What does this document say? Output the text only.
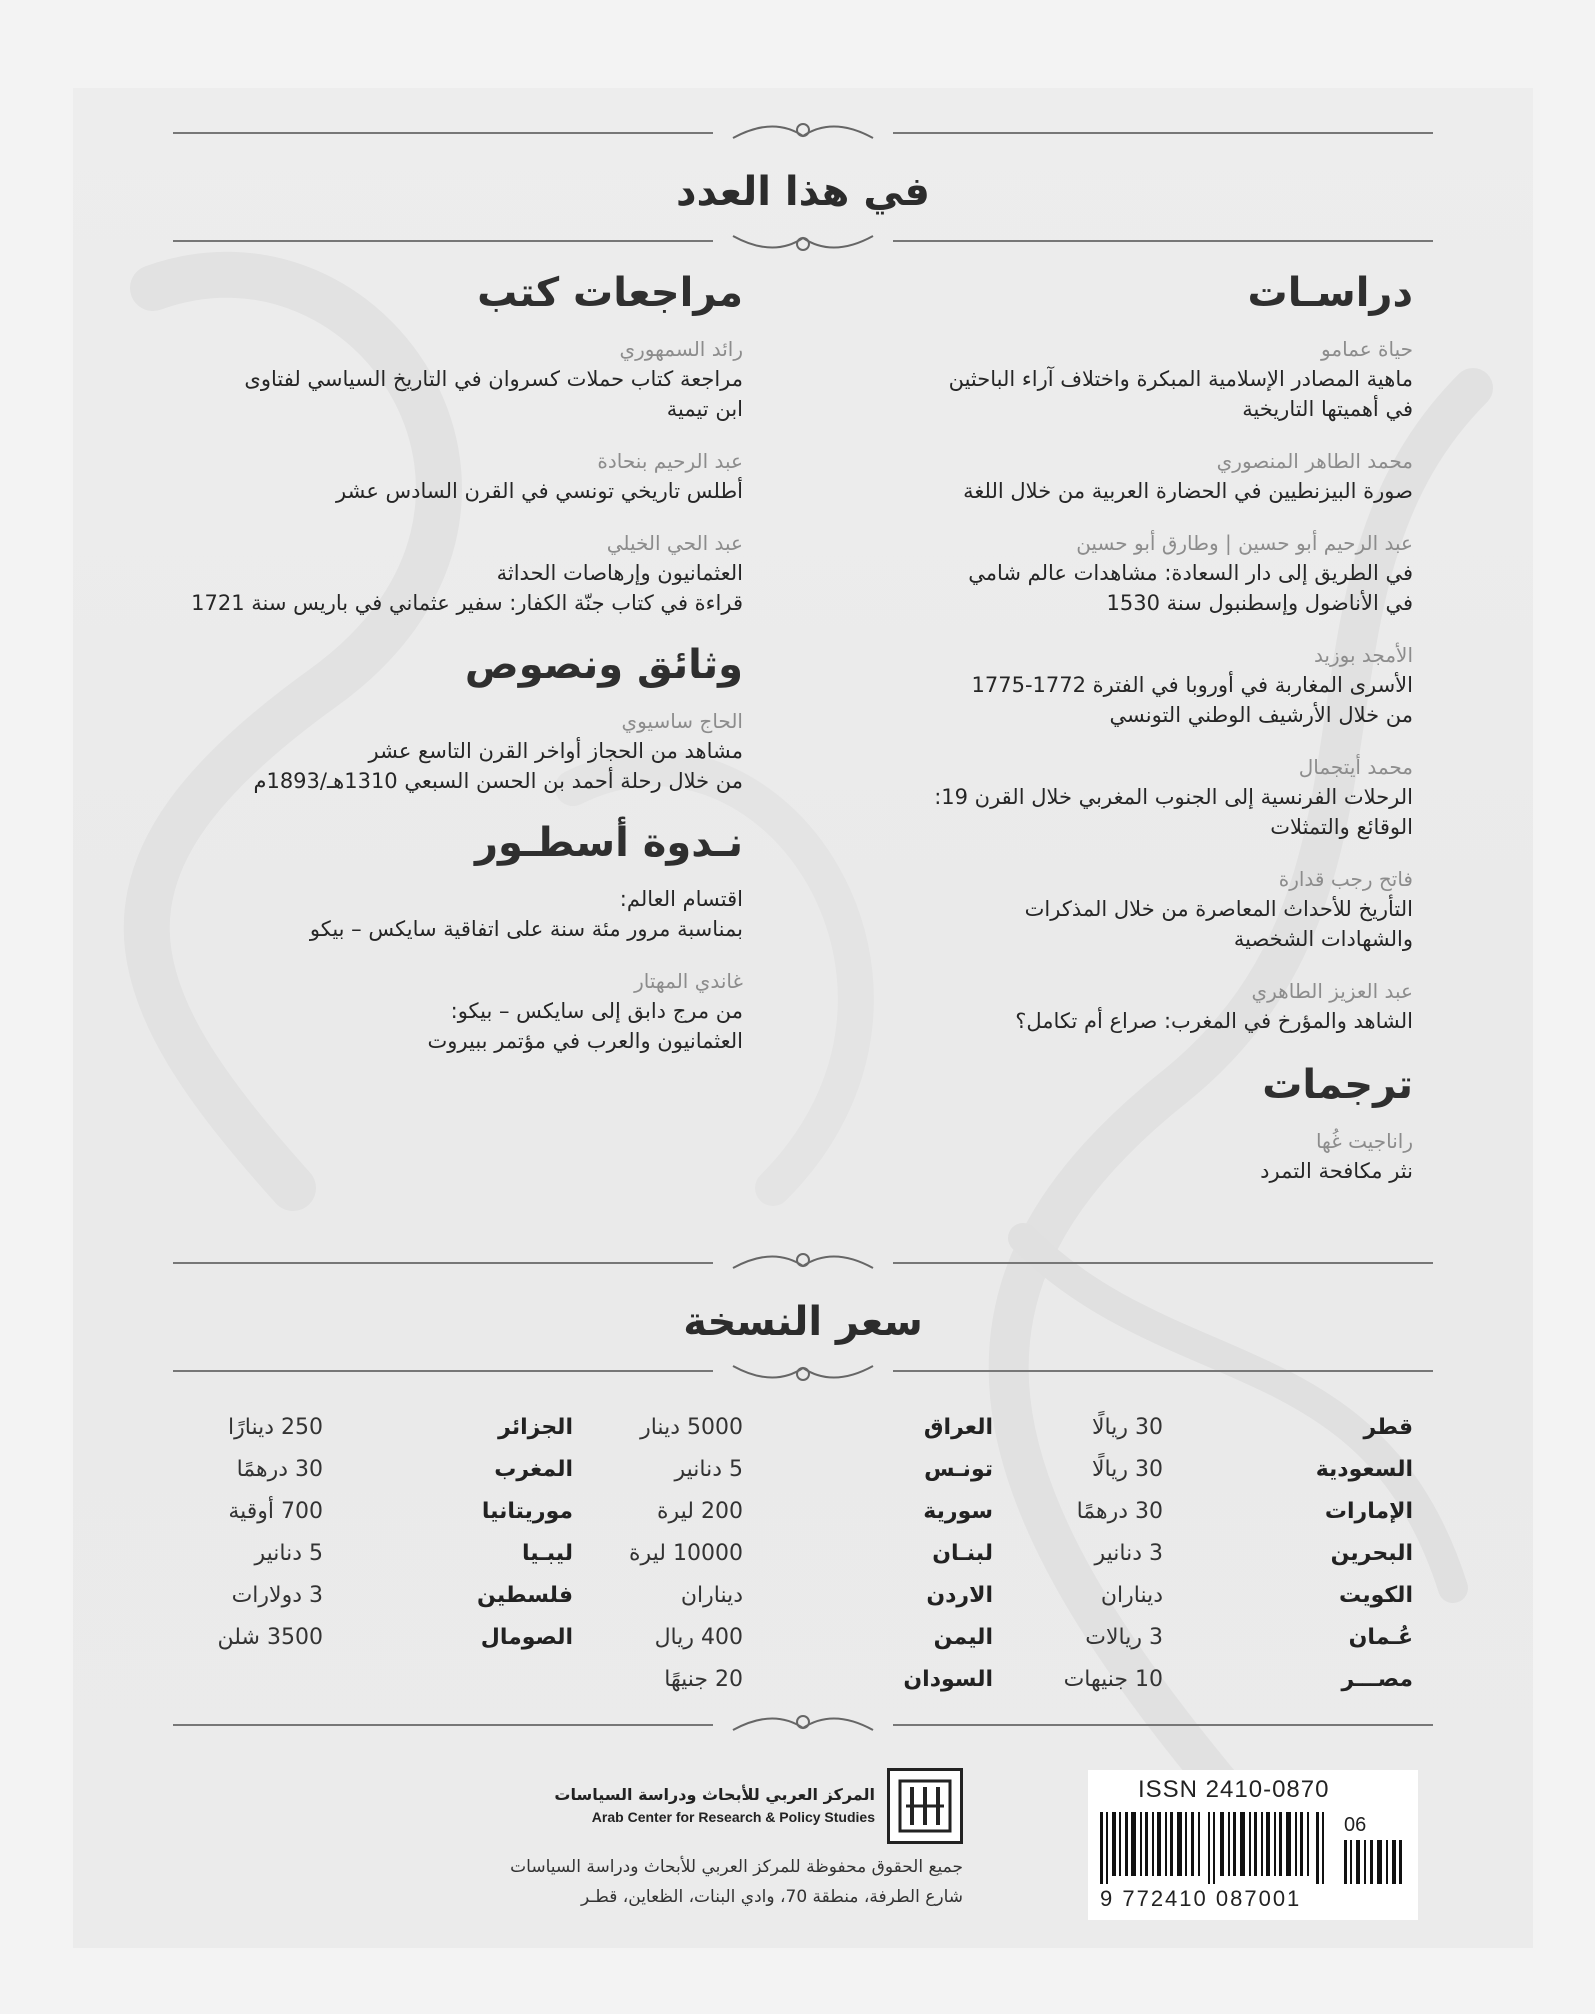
في هذا العدد
دراسـات
حياة عمامو
ماهية المصادر الإسلامية المبكرة واختلاف آراء الباحثين
في أهميتها التاريخية
محمد الطاهر المنصوري
صورة البيزنطيين في الحضارة العربية من خلال اللغة
عبد الرحيم أبو حسين | وطارق أبو حسين
في الطريق إلى دار السعادة: مشاهدات عالم شامي
في الأناضول وإسطنبول سنة 1530
الأمجد بوزيد
الأسرى المغاربة في أوروبا في الفترة 1772-1775
من خلال الأرشيف الوطني التونسي
محمد أيتجمال
الرحلات الفرنسية إلى الجنوب المغربي خلال القرن 19:
الوقائع والتمثلات
فاتح رجب قدارة
التأريخ للأحداث المعاصرة من خلال المذكرات
والشهادات الشخصية
عبد العزيز الطاهري
الشاهد والمؤرخ في المغرب: صراع أم تكامل؟
ترجمات
راناجيت غُها
نثر مكافحة التمرد
مراجعات كتب
رائد السمهوري
مراجعة كتاب حملات كسروان في التاريخ السياسي لفتاوى
ابن تيمية
عبد الرحيم بنحادة
أطلس تاريخي تونسي في القرن السادس عشر
عبد الحي الخيلي
العثمانيون وإرهاصات الحداثة
قراءة في كتاب جنّة الكفار: سفير عثماني في باريس سنة 1721
وثائق ونصوص
الحاج ساسيوي
مشاهد من الحجاز أواخر القرن التاسع عشر
من خلال رحلة أحمد بن الحسن السبعي 1310هـ/1893م
نـدوة أسطـور
اقتسام العالم:
بمناسبة مرور مئة سنة على اتفاقية سايكس – بيكو
غاندي المهتار
من مرج دابق إلى سايكس – بيكو:
العثمانيون والعرب في مؤتمر ببيروت
سعر النسخة
قطر
30 ريالًا
السعودية
30 ريالًا
الإمارات
30 درهمًا
البحرين
3 دنانير
الكويت
ديناران
عُـمان
3 ريالات
مصـــر
10 جنيهات
العراق
5000 دينار
تونـس
5 دنانير
سورية
200 ليرة
لبنـان
10000 ليرة
الاردن
ديناران
اليمن
400 ريال
السودان
20 جنيهًا
الجزائر
250 دينارًا
المغرب
30 درهمًا
موريتانيا
700 أوقية
ليبـيا
5 دنانير
فلسطين
3 دولارات
الصومال
3500 شلن
المركز العربي للأبحاث ودراسة السياسات
Arab Center for Research & Policy Studies
جميع الحقوق محفوظة للمركز العربي للأبحاث ودراسة السياسات
شارع الطرفة، منطقة 70، وادي البنات، الظعاين، قطـر
ISSN 2410-0870
06
9 772410 087001
